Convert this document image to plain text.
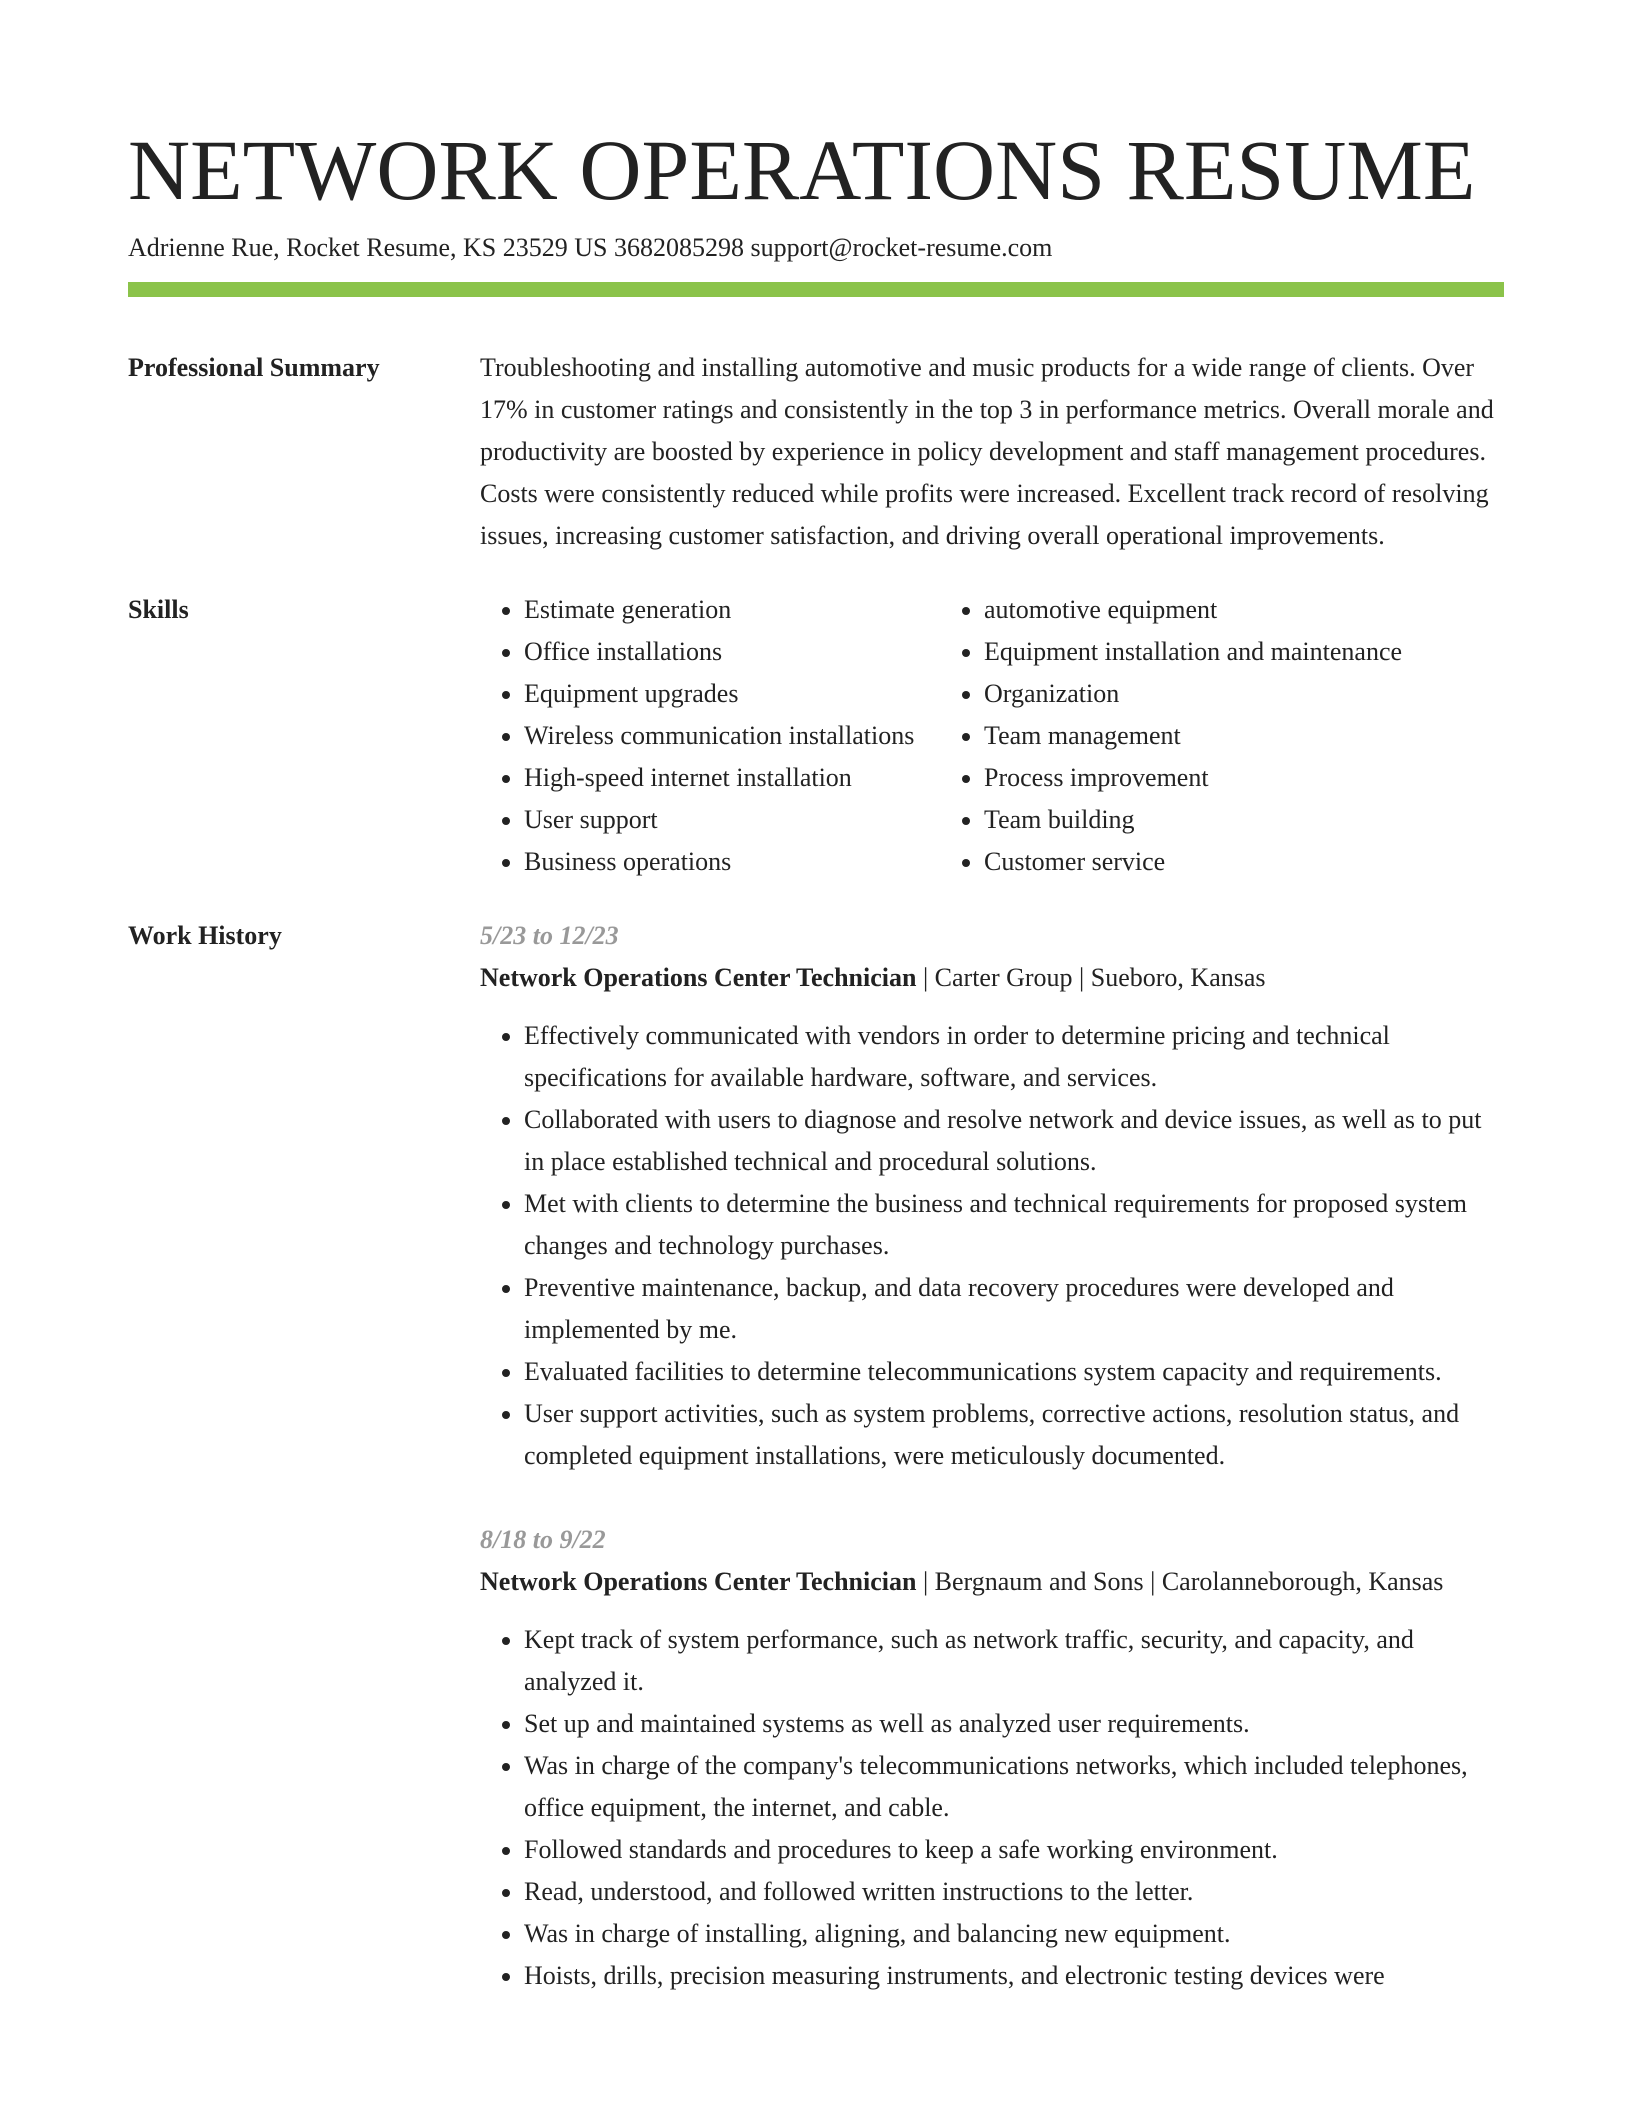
NETWORK OPERATIONS RESUME
Adrienne Rue, Rocket Resume, KS 23529 US 3682085298 support@rocket-resume.com
Professional Summary	Troubleshooting and installing automotive and music products for a wide range of clients. Over 17% in customer ratings and consistently in the top 3 in performance metrics. Overall morale and productivity are boosted by experience in policy development and staff management procedures. Costs were consistently reduced while profits were increased. Excellent track record of resolving issues, increasing customer satisfaction, and driving overall operational improvements.

Skills
•	Estimate generation
• Office installations
• Equipment upgrades
• Wireless communication installations
• High-speed internet installation
• User support
• Business operations
• automotive equipment
• Equipment installation and maintenance
• Organization
• Team management
• Process improvement
• Team building
• Customer service
Work History	5/23 to 12/23
Network Operations Center Technician | Carter Group | Sueboro, Kansas
• Effectively communicated with vendors in order to determine pricing and technical specifications for available hardware, software, and services.
• Collaborated with users to diagnose and resolve network and device issues, as well as to put in place established technical and procedural solutions.
• Met with clients to determine the business and technical requirements for proposed system changes and technology purchases.
• Preventive maintenance, backup, and data recovery procedures were developed and implemented by me.
• Evaluated facilities to determine telecommunications system capacity and requirements.
• User support activities, such as system problems, corrective actions, resolution status, and completed equipment installations, were meticulously documented.
8/18 to 9/22
Network Operations Center Technician | Bergnaum and Sons | Carolanneborough, Kansas
• Kept track of system performance, such as network traffic, security, and capacity, and analyzed it.
• Set up and maintained systems as well as analyzed user requirements.
• Was in charge of the company's telecommunications networks, which included telephones, office equipment, the internet, and cable.
• Followed standards and procedures to keep a safe working environment.
• Read, understood, and followed written instructions to the letter.
• Was in charge of installing, aligning, and balancing new equipment.
• Hoists, drills, precision measuring instruments, and electronic testing devices were
